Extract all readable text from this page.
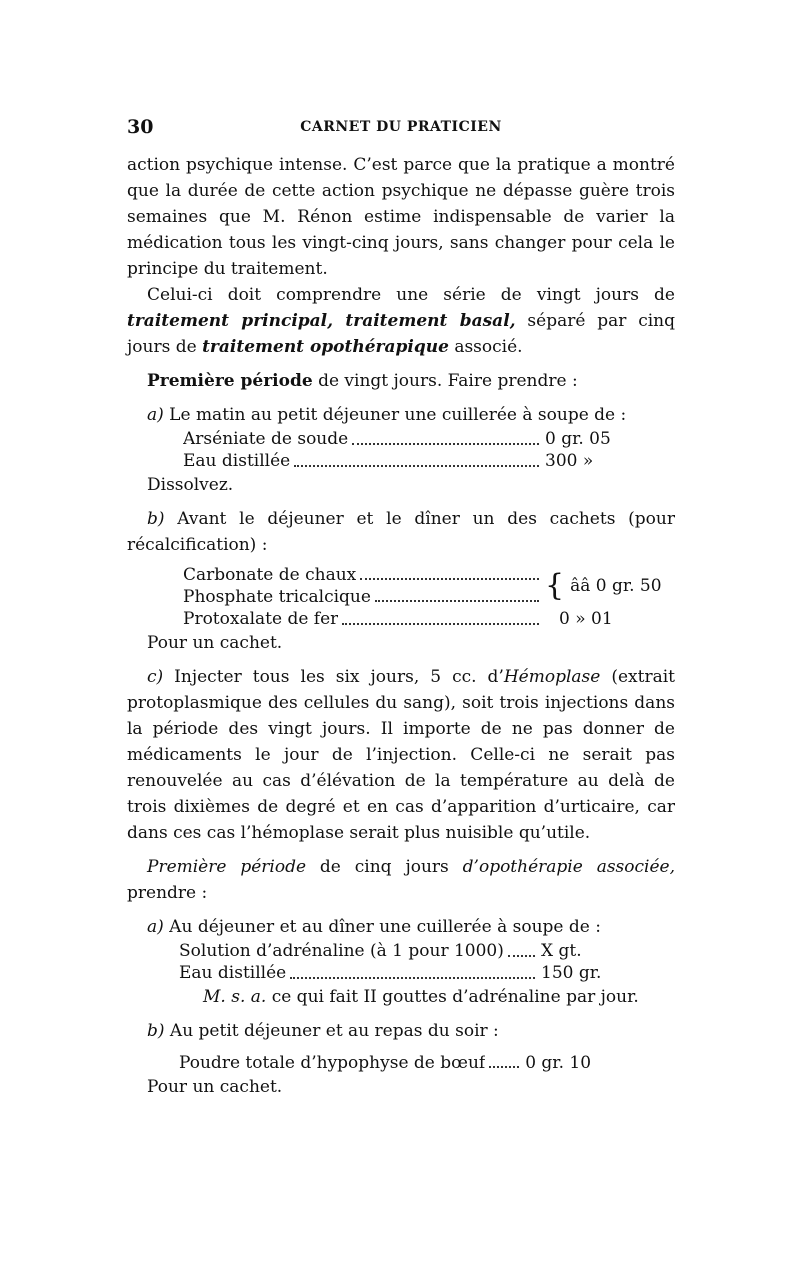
30	CARNET DU PRATICIEN

action psychique intense. C’est parce que la pratique a montré que la durée de cette action psychique ne dépasse guère trois semaines que M. Rénon estime indispensable de varier la médication tous les vingt-cinq jours, sans changer pour cela le principe du traitement.

Celui-ci doit comprendre une série de vingt jours de traitement principal, traitement basal, séparé par cinq jours de traitement opothérapique associé.

Première période de vingt jours. Faire prendre :

a) Le matin au petit déjeuner une cuillerée à soupe de :

Arséniate de soude	0 gr. 05
Eau distillée	300 »

Dissolvez.

b) Avant le déjeuner et le dîner un des cachets (pour récalcification) :

Carbonate de chaux
Phosphate tricalcique	{ ââ 0 gr. 50
Protoxalate de fer	0 » 01

Pour un cachet.

c) Injecter tous les six jours, 5 cc. d’Hémoplase (extrait protoplasmique des cellules du sang), soit trois injections dans la période des vingt jours. Il importe de ne pas donner de médicaments le jour de l’injection. Celle-ci ne serait pas renouvelée au cas d’élévation de la température au delà de trois dixièmes de degré et en cas d’apparition d’urticaire, car dans ces cas l’hémoplase serait plus nuisible qu’utile.

Première période de cinq jours d’opothérapie associée, prendre :

a) Au déjeuner et au dîner une cuillerée à soupe de :

Solution d’adrénaline (à 1 pour 1000) X gt.
Eau distillée	150 gr.

M. s. a. ce qui fait II gouttes d’adrénaline par jour.

b) Au petit déjeuner et au repas du soir :

Poudre totale d’hypophyse de bœuf 0 gr. 10

Pour un cachet.
